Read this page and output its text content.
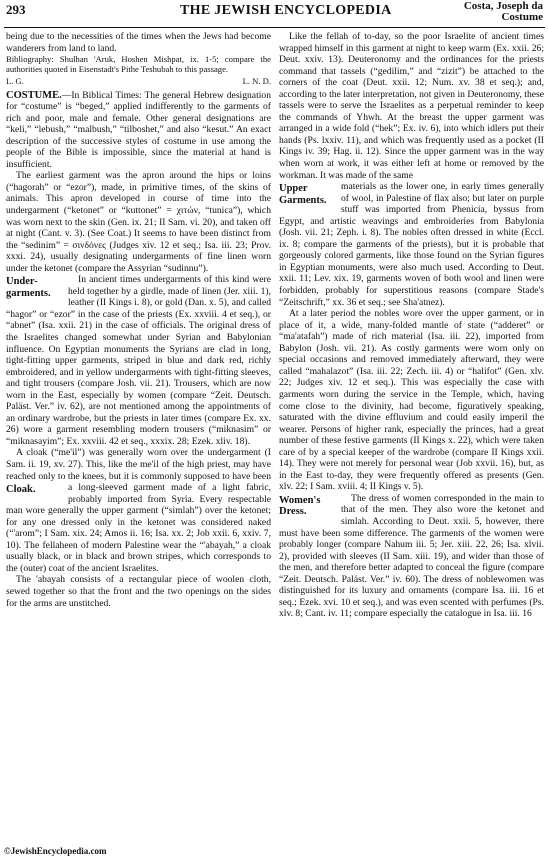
293	THE JEWISH ENCYCLOPEDIA	Costa, Joseph da
Costume

being due to the necessities of the times when the Jews had become wanderers from land to land.

Bibliography: Shulhan 'Aruk, Hoshen Mishpat, ix. 1-5; compare the authorities quoted in Eisenstadt's Pithe Teshubah to this passage.

L. G.	L. N. D.

COSTUME.—In Biblical Times: The general Hebrew designation for “costume” is “beged,” applied indifferently to the garments of rich and poor, male and female. Other general designations are “keli,” “lebush,” “malbush,” “tilboshet,” and also “kesut.” An exact description of the successive styles of costume in use among the people of the Bible is impossible, since the material at hand is insufficient.

The earliest garment was the apron around the hips or loins (“hagorah” or “ezor”), made, in primitive times, of the skins of animals. This apron developed in course of time into the undergarment (“ketonet” or “kuttonet” = χιτών, “tunica”), which was worn next to the skin (Gen. ix. 21; II Sam. vi. 20), and taken off at night (Cant. v. 3). (See Coat.) It seems to have been distinct from the “sedinim” = σινδόνες (Judges xiv. 12 et seq.; Isa. iii. 23; Prov. xxxi. 24), usually designating undergarments of fine linen worn under the ketonet (compare the Assyrian “sudinnu”).

Under-garments.
In ancient times undergarments of this kind were held together by a girdle, made of linen (Jer. xiii. 1), leather (II Kings i. 8), or gold (Dan. x. 5), and called “hagor” or “ezor” in the case of the priests (Ex. xxviii. 4 et seq.), or “abnet” (Isa. xxii. 21) in the case of officials. The original dress of the Israelites changed somewhat under Syrian and Babylonian influence. On Egyptian monuments the Syrians are clad in long, tight-fitting upper garments, striped in blue and dark red, richly embroidered, and in yellow undergarments with tight-fitting sleeves, and tight trousers (compare Josh. vii. 21). Trousers, which are now worn in the East, especially by women (compare “Zeit. Deutsch. Paläst. Ver.” iv. 62), are not mentioned among the appointments of an ordinary wardrobe, but the priests in later times (compare Ex. xx. 26) wore a garment resembling modern trousers (“miknasim” or “miknasayim”; Ex. xxviii. 42 et seq., xxxix. 28; Ezek. xliv. 18).

A cloak (“me'il”) was generally worn over the undergarment (I Sam. ii. 19, xv. 27). This, like the me'il of the high priest, may have reached only to the knees, but it is commonly supposed to have been
Cloak.	a long-sleeved garment made of a light fabric, probably imported from Syria. Every respectable man wore generally the upper garment (“simlah”) over the ketonet; for any one dressed only in the ketonet was considered naked (“'arom”; I Sam. xix. 24; Amos ii. 16; Isa. xx. 2; Job xxii. 6, xxiv. 7, 10). The fellaheen of modern Palestine wear the “'abayah,” a cloak usually black, or in black and brown stripes, which corresponds to the (outer) coat of the ancient Israelites.

The 'abayah consists of a rectangular piece of woolen cloth, sewed together so that the front and the two openings on the sides for the arms are unstitched.

Like the fellah of to-day, so the poor Israelite of ancient times wrapped himself in this garment at night to keep warm (Ex. xxii. 26; Deut. xxiv. 13). Deuteronomy and the ordinances for the priests command that tassels (“gedilim,” and “zizit”) be attached to the corners of the coat (Deut. xxii. 12; Num. xv. 38 et seq.); and, according to the later interpretation, not given in Deuteronomy, these tassels were to serve the Israelites as a perpetual reminder to keep the commands of Yhwh. At the breast the upper garment was arranged in a wide fold (“hek”; Ex. iv. 6), into which idlers put their hands (Ps. lxxiv. 11), and which was frequently used as a pocket (II Kings iv. 39; Hag. ii. 12). Since the upper garment was in the way when worn at work, it was either left at home or removed by the workman. It was made of the same

Upper Garments.
materials as the lower one, in early times generally of wool, in Palestine of flax also; but later on purple stuff was imported from Phenicia, byssus from Egypt, and artistic weavings and embroideries from Babylonia (Josh. vii. 21; Zeph. i. 8). The nobles often dressed in white (Eccl. ix. 8; compare the garments of the priests), but it is probable that gorgeously colored garments, like those found on the Syrian figures in Egyptian monuments, were also much used. According to Deut. xxii. 11; Lev. xix. 19, garments woven of both wool and linen were forbidden, probably for superstitious reasons (compare Stade's “Zeitschrift,” xx. 36 et seq.; see Sha'atnez).

At a later period the nobles wore over the upper garment, or in place of it, a wide, many-folded mantle of state (“adderet” or “ma'atafah”) made of rich material (Isa. iii. 22), imported from Babylon (Josh. vii. 21). As costly garments were worn only on special occasions and removed immediately afterward, they were called “mahalazot” (Isa. iii. 22; Zech. iii. 4) or “halifot” (Gen. xlv. 22; Judges xiv. 12 et seq.). This was especially the case with garments worn during the service in the Temple, which, having come close to the divinity, had become, figuratively speaking, saturated with the divine effluvium and could easily imperil the wearer. Persons of higher rank, especially the princes, had a great number of these festive garments (II Kings x. 22), which were taken care of by a special keeper of the wardrobe (compare II Kings xxii. 14). They were not merely for personal wear (Job xxvii. 16), but, as in the East to-day, they were frequently offered as presents (Gen. xlv. 22; I Sam. xviii. 4; II Kings v. 5).

Women's Dress.
The dress of women corresponded in the main to that of the men. They also wore the ketonet and simlah. According to Deut. xxii. 5, however, there must have been some difference. The garments of the women were probably longer (compare Nahum iii. 5; Jer. xiii. 22, 26; Isa. xlvii. 2), provided with sleeves (II Sam. xiii. 19), and wider than those of the men, and therefore better adapted to conceal the figure (compare “Zeit. Deutsch. Paläst. Ver.” iv. 60). The dress of noblewomen was distinguished for its luxury and ornaments (compare Isa. iii. 16 et seq.; Ezek. xvi. 10 et seq.), and was even scented with perfumes (Ps. xlv. 8; Cant. iv. 11; compare especially the catalogue in Isa. iii. 16

©JewishEncyclopedia.com
